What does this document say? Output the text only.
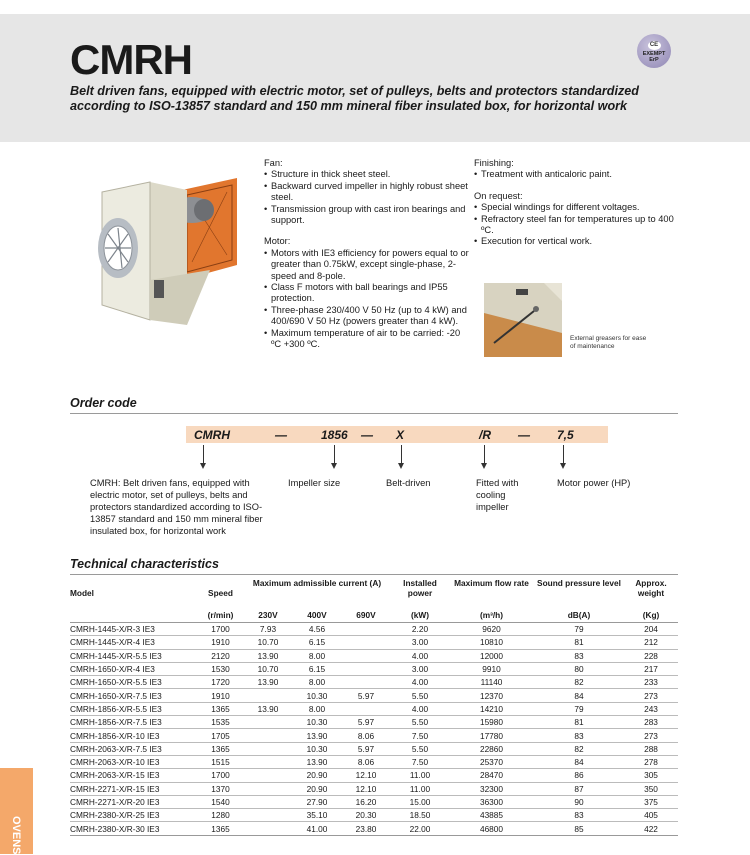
CMRH
Belt driven fans, equipped with electric motor, set of pulleys, belts and protectors standardized according to ISO-13857 standard and 150 mm mineral fiber insulated box, for horizontal work
CE
EXEMPT
ErP
Fan:
• Structure in thick sheet steel.
• Backward curved impeller in highly robust sheet steel.
• Transmission group with cast iron bearings and support.
Motor:
• Motors with IE3 efficiency for powers equal to or greater than 0.75kW, except single-phase, 2-speed and 8-pole.
• Class F motors with ball bearings and IP55 protection.
• Three-phase 230/400 V 50 Hz (up to 4 kW) and 400/690 V 50 Hz (powers greater than 4 kW).
• Maximum temperature of air to be carried: -20 ºC +300 ºC.
Finishing:
• Treatment with anticaloric paint.
On request:
• Special windings for different voltages.
• Refractory steel fan for temperatures up to 400 ºC.
• Execution for vertical work.
External greasers for ease of maintenance
Order code
CMRH	—	1856 — X	/R — 7,5
CMRH: Belt driven fans, equipped with electric motor, set of pulleys, belts and protectors standardized according to ISO-13857 standard and 150 mm mineral fiber insulated box, for horizontal work
Impeller size	Belt-driven	Fitted with cooling impeller
Motor power (HP)
Technical characteristics
Model	Speed	Maximum admissible current (A)			Installed power	Maximum flow rate	Sound pressure level	Approx. weight
	(r/min)	230V	400V	690V	(kW)	(m³/h)	dB(A)	(Kg)
CMRH-1445-X/R-3 IE3	1700	7.93	4.56		2.20	9620	79	204
CMRH-1445-X/R-4 IE3	1910	10.70	6.15		3.00	10810	81	212
CMRH-1445-X/R-5.5 IE3	2120	13.90	8.00		4.00	12000	83	228
CMRH-1650-X/R-4 IE3	1530	10.70	6.15		3.00	9910	80	217
CMRH-1650-X/R-5.5 IE3	1720	13.90	8.00		4.00	11140	82	233
CMRH-1650-X/R-7.5 IE3	1910		10.30	5.97	5.50	12370	84	273
CMRH-1856-X/R-5.5 IE3	1365	13.90	8.00		4.00	14210	79	243
CMRH-1856-X/R-7.5 IE3	1535		10.30	5.97	5.50	15980	81	283
CMRH-1856-X/R-10 IE3	1705		13.90	8.06	7.50	17780	83	273
CMRH-2063-X/R-7.5 IE3	1365		10.30	5.97	5.50	22860	82	288
CMRH-2063-X/R-10 IE3	1515		13.90	8.06	7.50	25370	84	278
CMRH-2063-X/R-15 IE3	1700		20.90	12.10	11.00	28470	86	305
CMRH-2271-X/R-15 IE3	1370		20.90	12.10	11.00	32300	87	350
CMRH-2271-X/R-20 IE3	1540		27.90	16.20	15.00	36300	90	375
CMRH-2380-X/R-25 IE3	1280		35.10	20.30	18.50	43885	83	405
CMRH-2380-X/R-30 IE3	1365		41.00	23.80	22.00	46800	85	422
OVENS
